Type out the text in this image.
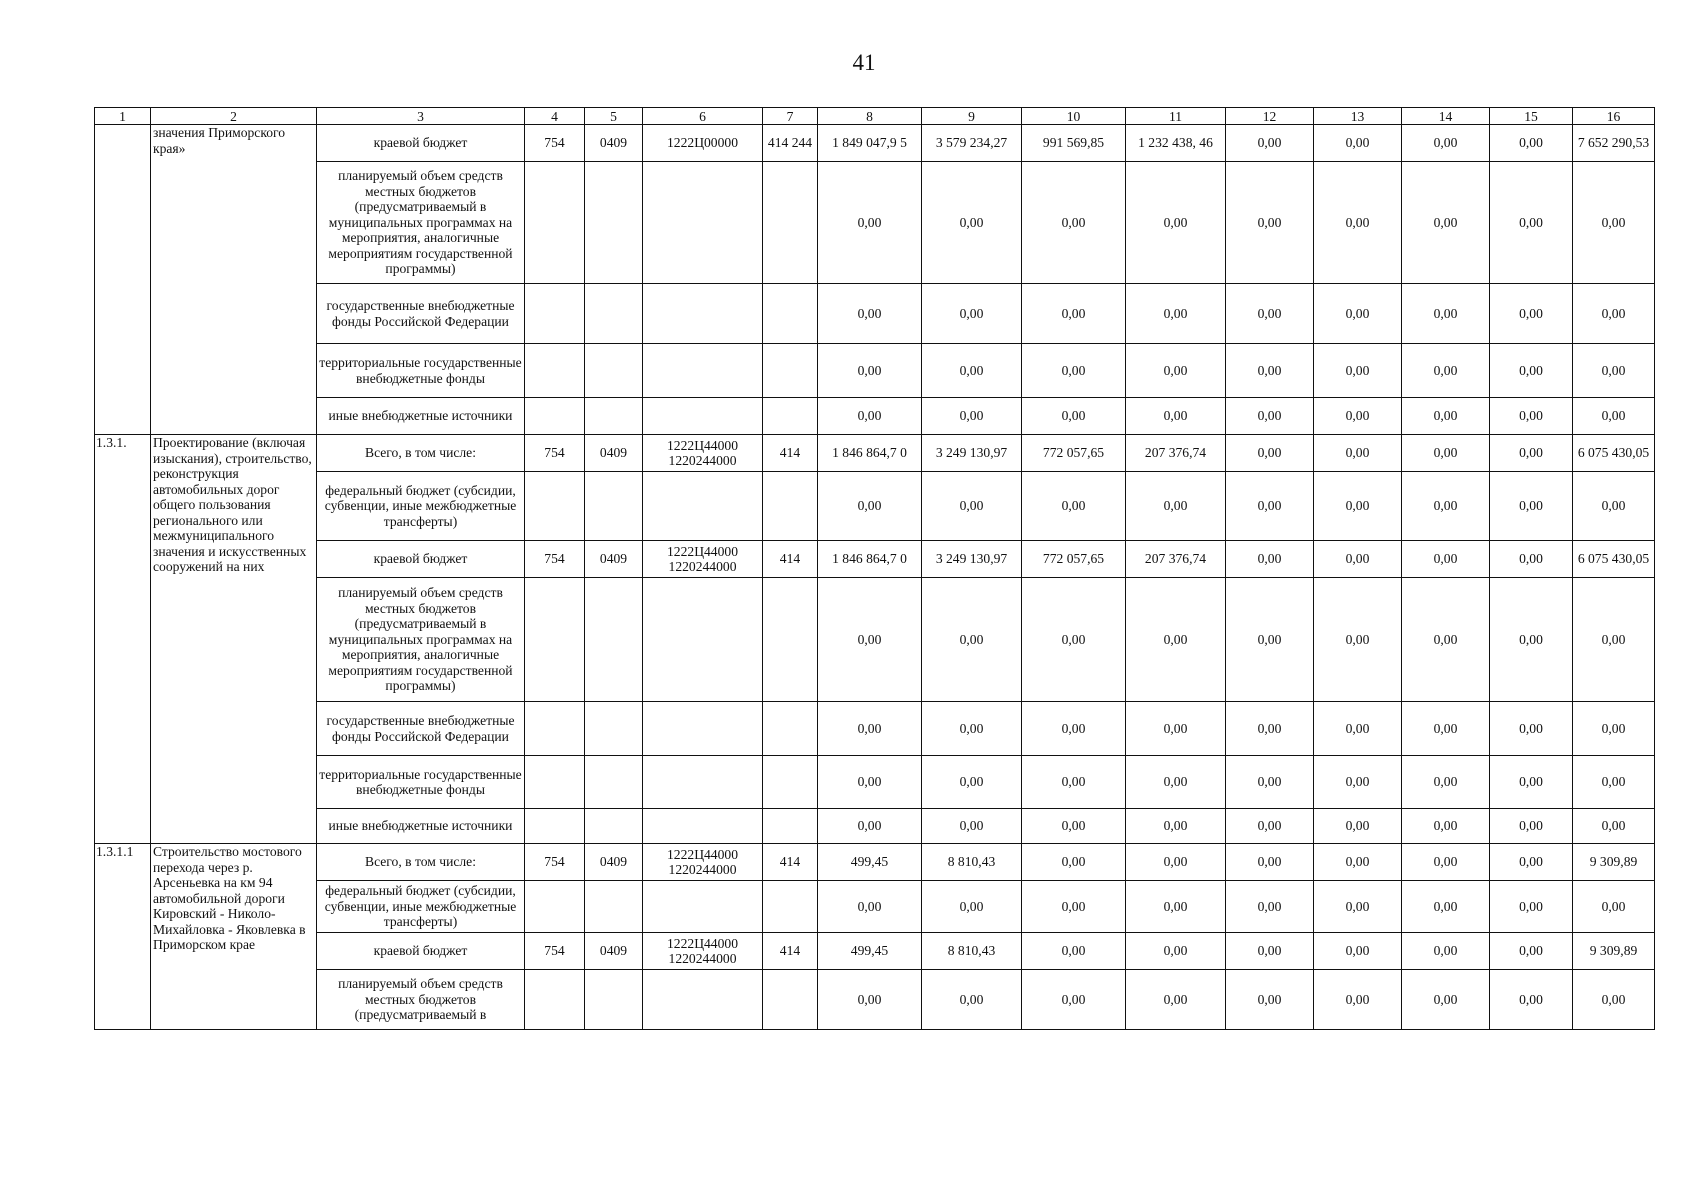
41
1	2	3	4	5	6	7	8	9	10	11	12	13	14	15	16
	значения Приморского края»	краевой бюджет	754	0409	1222Ц00000	414 244	1 849 047,9 5	3 579 234,27	991 569,85	1 232 438, 46	0,00	0,00	0,00	0,00	7 652 290,53
		планируемый объем средств местных бюджетов (предусматриваемый в муниципальных программах на мероприятия, аналогичные мероприятиям государственной программы)					0,00	0,00	0,00	0,00	0,00	0,00	0,00	0,00	0,00
		государственные внебюджетные фонды Российской Федерации					0,00	0,00	0,00	0,00	0,00	0,00	0,00	0,00	0,00
		территориальные государственные внебюджетные фонды					0,00	0,00	0,00	0,00	0,00	0,00	0,00	0,00	0,00
		иные внебюджетные источники					0,00	0,00	0,00	0,00	0,00	0,00	0,00	0,00	0,00
1.3.1.	Проектирование (включая изыскания), строительство, реконструкция автомобильных дорог общего пользования регионального или межмуниципального значения и искусственных сооружений на них	Всего, в том числе:	754	0409	1222Ц44000 1220244000	414	1 846 864,7 0	3 249 130,97	772 057,65	207 376,74	0,00	0,00	0,00	0,00	6 075 430,05
		федеральный бюджет (субсидии, субвенции, иные межбюджетные трансферты)					0,00	0,00	0,00	0,00	0,00	0,00	0,00	0,00	0,00
		краевой бюджет	754	0409	1222Ц44000 1220244000	414	1 846 864,7 0	3 249 130,97	772 057,65	207 376,74	0,00	0,00	0,00	0,00	6 075 430,05
		планируемый объем средств местных бюджетов (предусматриваемый в муниципальных программах на мероприятия, аналогичные мероприятиям государственной программы)					0,00	0,00	0,00	0,00	0,00	0,00	0,00	0,00	0,00
		государственные внебюджетные фонды Российской Федерации					0,00	0,00	0,00	0,00	0,00	0,00	0,00	0,00	0,00
		территориальные государственные внебюджетные фонды					0,00	0,00	0,00	0,00	0,00	0,00	0,00	0,00	0,00
		иные внебюджетные источники					0,00	0,00	0,00	0,00	0,00	0,00	0,00	0,00	0,00
1.3.1.1	Строительство мостового перехода через р. Арсеньевка на км 94 автомобильной дороги Кировский - Николо-Михайловка - Яковлевка в Приморском крае	Всего, в том числе:	754	0409	1222Ц44000 1220244000	414	499,45	8 810,43	0,00	0,00	0,00	0,00	0,00	0,00	9 309,89
		федеральный бюджет (субсидии, субвенции, иные межбюджетные трансферты)					0,00	0,00	0,00	0,00	0,00	0,00	0,00	0,00	0,00
		краевой бюджет	754	0409	1222Ц44000 1220244000	414	499,45	8 810,43	0,00	0,00	0,00	0,00	0,00	0,00	9 309,89
		планируемый объем средств местных бюджетов (предусматриваемый в					0,00	0,00	0,00	0,00	0,00	0,00	0,00	0,00	0,00
